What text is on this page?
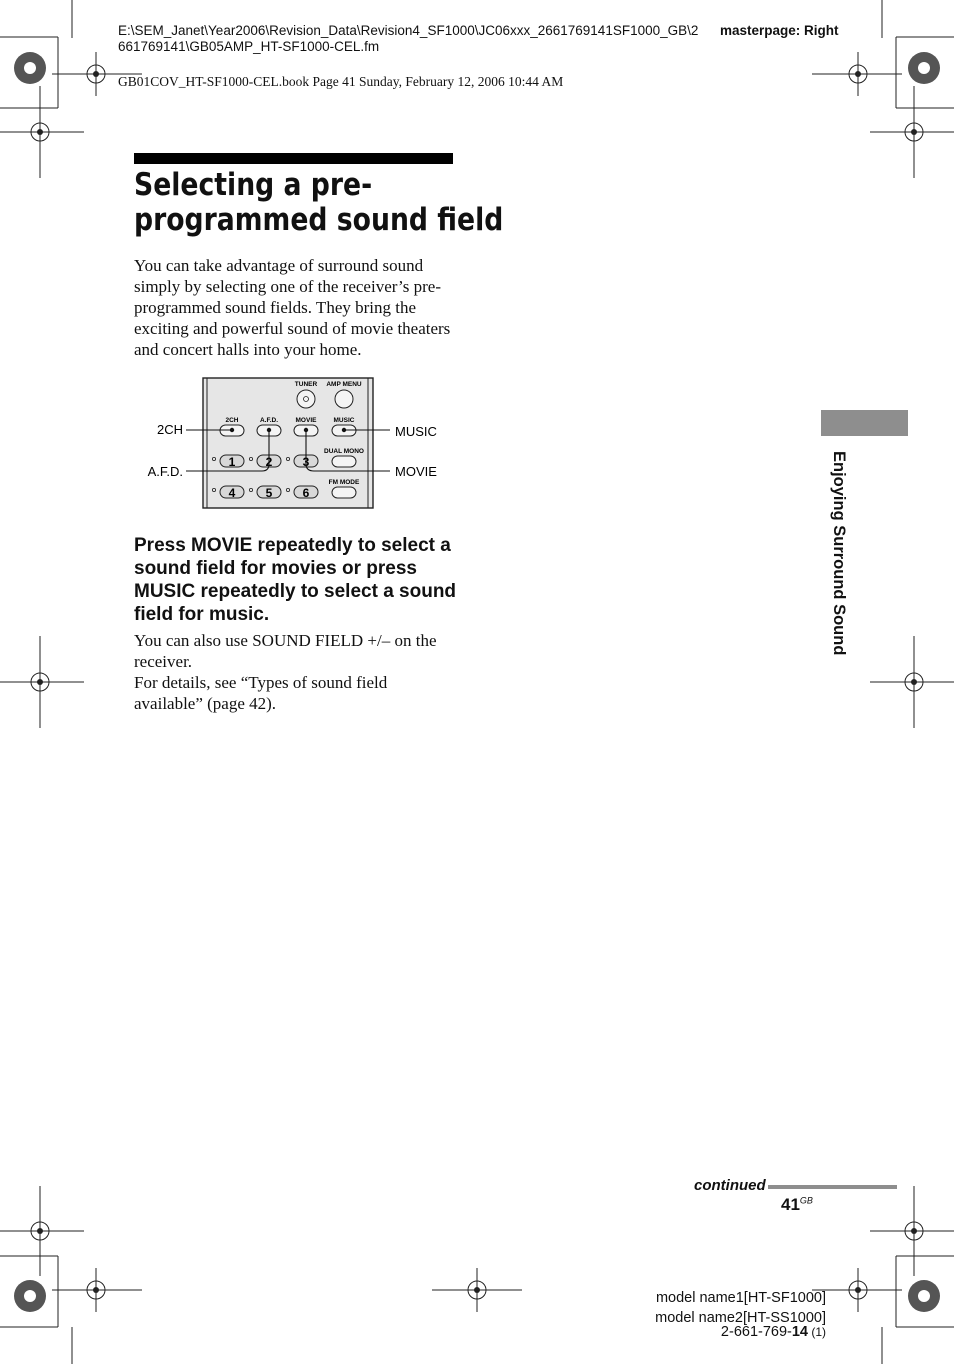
E:\SEM_Janet\Year2006\Revision_Data\Revision4_SF1000\JC06xxx_2661769141SF1000_GB\2
661769141\GB05AMP_HT-SF1000-CEL.fm
masterpage: Right
GB01COV_HT-SF1000-CEL.book Page 41 Sunday, February 12, 2006 10:44 AM
Selecting a pre-
programmed sound field
You can take advantage of surround sound
simply by selecting one of the receiver’s pre-
programmed sound fields. They bring the
exciting and powerful sound of movie theaters
and concert halls into your home.
TUNER AMP MENU
2CH	A.F.D.	MOVIE	MUSIC
DUAL MONO
1	2	3
FM MODE
4	5	6
2CH
A.F.D.
MUSIC
MOVIE
Press MOVIE repeatedly to select a
sound field for movies or press
MUSIC repeatedly to select a sound
field for music.
You can also use SOUND FIELD +/– on the
receiver.
For details, see “Types of sound field
available” (page 42).
Enjoying Surround Sound
continued
$41^{GB}$
model name1[HT-SF1000]
model name2[HT-SS1000]
2-661-769-14 (1)
